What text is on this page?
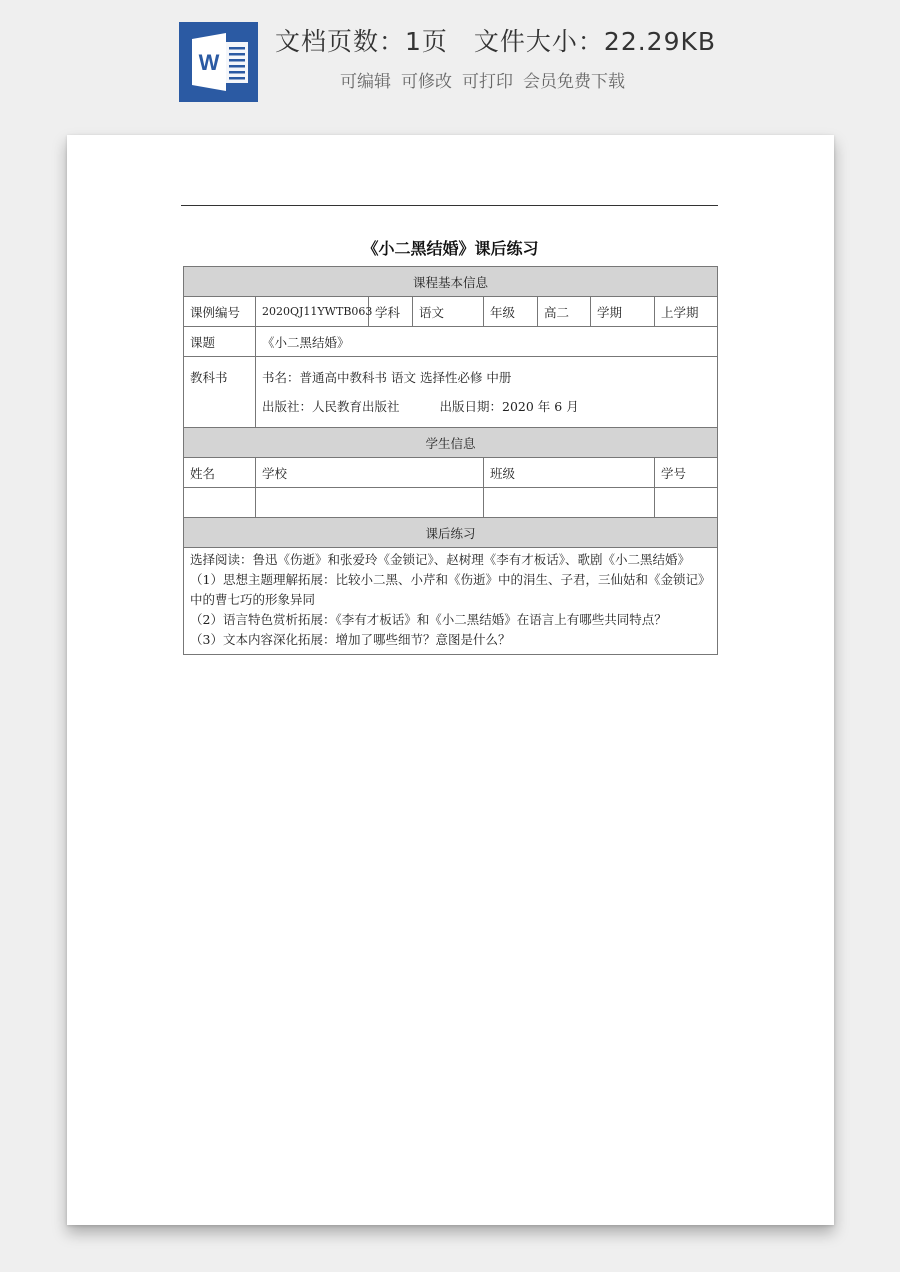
W
文档页数：1页 文件大小：22.29KB
可编辑 可修改 可打印 会员免费下载
《小二黑结婚》课后练习
课程基本信息							
课例编号	2020QJ11YWTB063	学科	语文	年级	高二	学期	上学期
课题	《小二黑结婚》						

教科书	书名：普通高中教科书 语文 选择性必修 中册
出版社：人民教育出版社 出版日期：2020 年 6 月						

学生信息							
姓名	学校			班级			学号

课后练习							

选择阅读：鲁迅《伤逝》和张爱玲《金锁记》、赵树理《李有才板话》、歌剧《小二黑结婚》

（1）思想主题理解拓展：比较小二黑、小芹和《伤逝》中的涓生、子君，三仙姑和《金锁记》中的曹七巧的形象异同

（2）语言特色赏析拓展：《李有才板话》和《小二黑结婚》在语言上有哪些共同特点？

（3）文本内容深化拓展：增加了哪些细节？意图是什么？							
